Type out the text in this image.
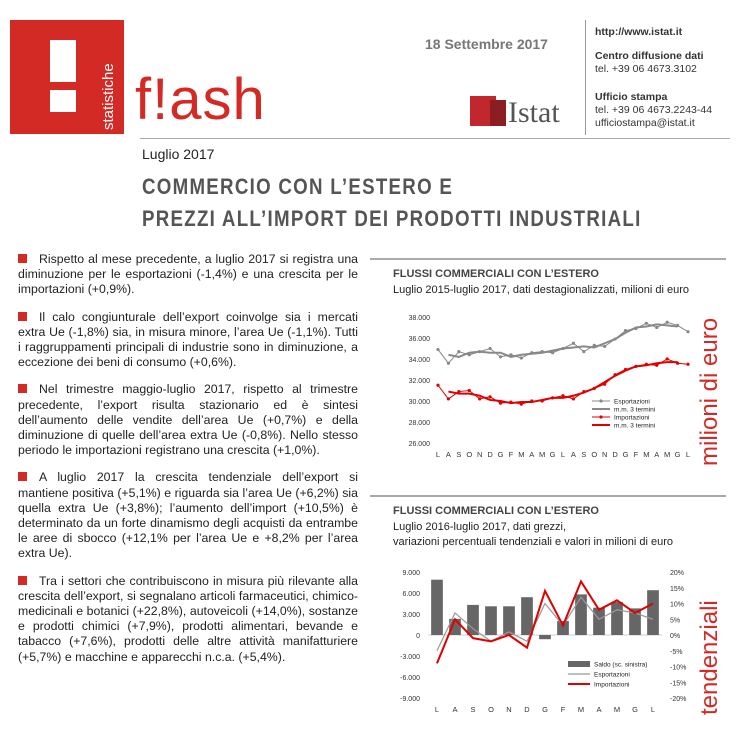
statistiche f!ash
18 Settembre 2017
Istat
http://www.istat.it
Centro diffusione dati
tel. +39 06 4673.3102
Ufficio stampa
tel. +39 06 4673.2243-44
ufficiostampa@istat.it
Luglio 2017
COMMERCIO CON L’ESTERO E
PREZZI ALL’IMPORT DEI PRODOTTI INDUSTRIALI

Rispetto al mese precedente, a luglio 2017 si registra una diminuzione per le esportazioni (-1,4%) e una crescita per le importazioni (+0,9%).

Il calo congiunturale dell’export coinvolge sia i mercati extra Ue (-1,8%) sia, in misura minore, l’area Ue (-1,1%). Tutti i raggruppamenti principali di industrie sono in diminuzione, a eccezione dei beni di consumo (+0,6%).

Nel trimestre maggio-luglio 2017, rispetto al trimestre precedente, l’export risulta stazionario ed è sintesi dell’aumento delle vendite dell’area Ue (+0,7%) e della diminuzione di quelle dell’area extra Ue (-0,8%). Nello stesso periodo le importazioni registrano una crescita (+1,0%).

A luglio 2017 la crescita tendenziale dell’export si mantiene positiva (+5,1%) e riguarda sia l’area Ue (+6,2%) sia quella extra Ue (+3,8%); l’aumento dell’import (+10,5%) è determinato da un forte dinamismo degli acquisti da entrambe le aree di sbocco (+12,1% per l’area Ue e +8,2% per l’area extra Ue).

Tra i settori che contribuiscono in misura più rilevante alla crescita dell’export, si segnalano articoli farmaceutici, chimico-medicinali e botanici (+22,8%), autoveicoli (+14,0%), sostanze e prodotti chimici (+7,9%), prodotti alimentari, bevande e tabacco (+7,6%), prodotti delle altre attività manifatturiere (+5,7%) e macchine e apparecchi n.c.a. (+5,4%).

FLUSSI COMMERCIALI CON L’ESTERO
Luglio 2015-luglio 2017, dati destagionalizzati, milioni di euro
38.000
36.000
34.000
32.000
30.000
28.000
26.000
L A S O N D G F M A M G L A S O N D G F M A M G L
Esportazioni
m.m. 3 termini
Importazioni
m.m. 3 termini milioni di euro
FLUSSI COMMERCIALI CON L’ESTERO
Luglio 2016-luglio 2017, dati grezzi,
variazioni percentuali tendenziali e valori in milioni di euro
9.000
6.000
3.000
0
-3.000
-6.000
-9.000
20%
15%
10%
5%
0%
-5%
-10%
-15%
-20%
L A S O N D G F M A M G L
Saldo (sc. sinistra)
Esportazioni
Importazioni	tendenziali
